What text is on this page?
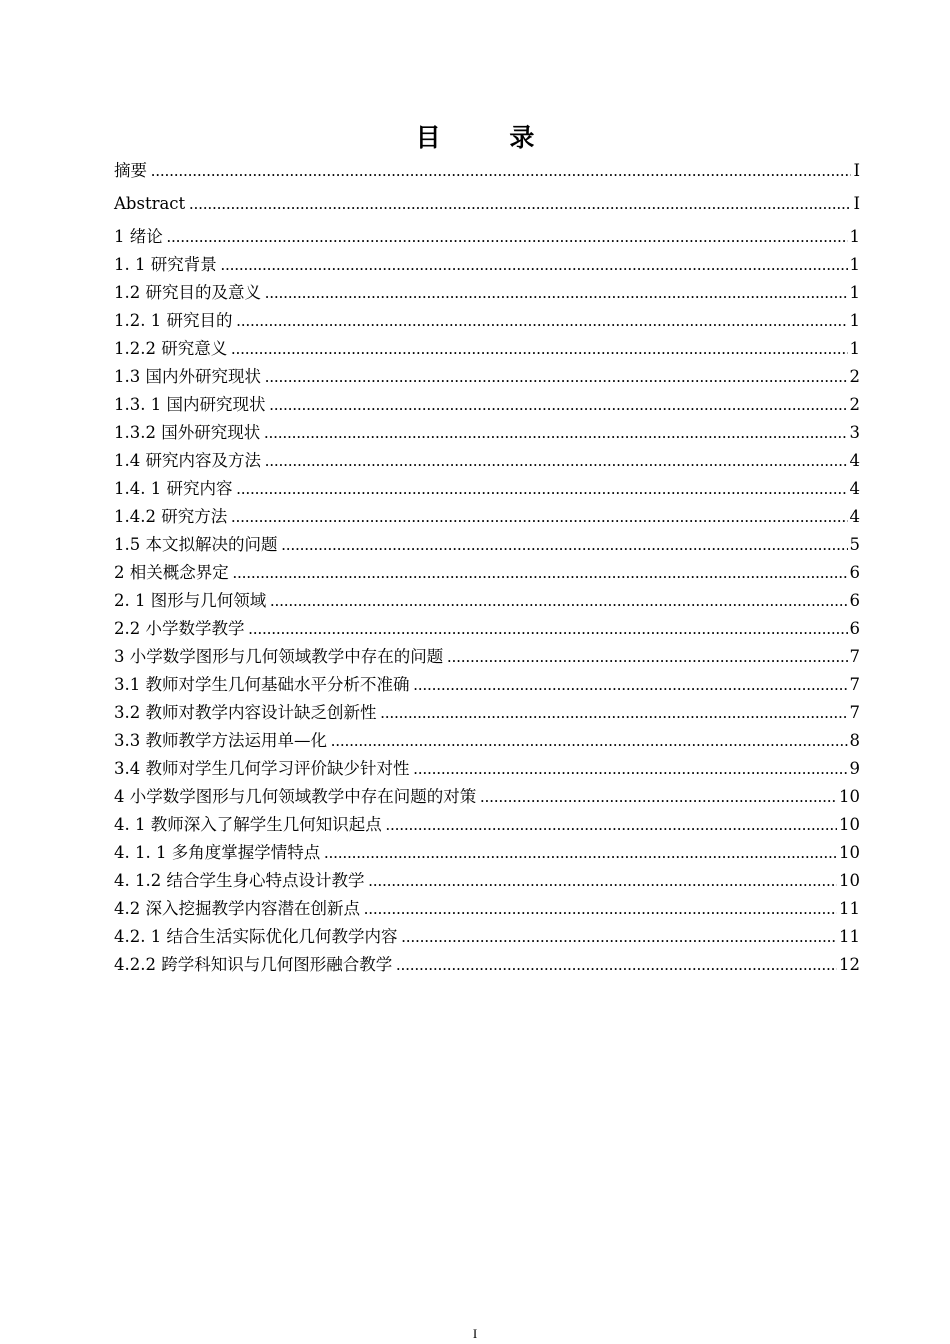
目 录
摘要 .....	I
Abstract .....	I
1 绪论 .....	1
1. 1 研究背景 .....	1
1.2 研究目的及意义 .....	1
1.2. 1 研究目的 .....	1
1.2.2 研究意义 .....	1
1.3 国内外研究现状 .....	2
1.3. 1 国内研究现状 .....	2
1.3.2 国外研究现状 .....	3
1.4 研究内容及方法 .....	4
1.4. 1 研究内容 .....	4
1.4.2 研究方法 .....	4
1.5 本文拟解决的问题 .....	5
2 相关概念界定 .....	6
2. 1 图形与几何领域 .....	6
2.2 小学数学教学 .....	6
3 小学数学图形与几何领域教学中存在的问题 .....	7
3.1 教师对学生几何基础水平分析不准确 .....	7
3.2 教师对教学内容设计缺乏创新性 .....	7
3.3 教师教学方法运用单—化 .....	8
3.4 教师对学生几何学习评价缺少针对性 .....	9
4 小学数学图形与几何领域教学中存在问题的对策 .....	10
4. 1 教师深入了解学生几何知识起点 .....	10
4. 1. 1 多角度掌握学情特点 .....	10
4. 1.2 结合学生身心特点设计教学 .....	10
4.2 深入挖掘教学内容潜在创新点 .....	11
4.2. 1 结合生活实际优化几何教学内容 .....	11
4.2.2 跨学科知识与几何图形融合教学 .....	12
I
